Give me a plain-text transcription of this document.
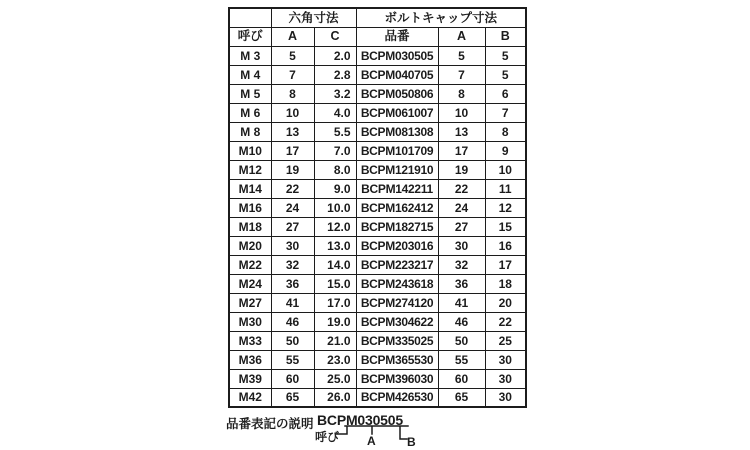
	六角寸法		ボルトキャップ寸法		
呼び	A	C	品番	A	B
M 3	5	2.0	BCPM030505	5	5
M 4	7	2.8	BCPM040705	7	5
M 5	8	3.2	BCPM050806	8	6
M 6	10	4.0	BCPM061007	10	7
M 8	13	5.5	BCPM081308	13	8
M10	17	7.0	BCPM101709	17	9
M12	19	8.0	BCPM121910	19	10
M14	22	9.0	BCPM142211	22	11
M16	24	10.0	BCPM162412	24	12
M18	27	12.0	BCPM182715	27	15
M20	30	13.0	BCPM203016	30	16
M22	32	14.0	BCPM223217	32	17
M24	36	15.0	BCPM243618	36	18
M27	41	17.0	BCPM274120	41	20
M30	46	19.0	BCPM304622	46	22
M33	50	21.0	BCPM335025	50	25
M36	55	23.0	BCPM365530	55	30
M39	60	25.0	BCPM396030	60	30
M42	65	26.0	BCPM426530	65	30
品番表記の説明 BCPM030505
呼び A	B
